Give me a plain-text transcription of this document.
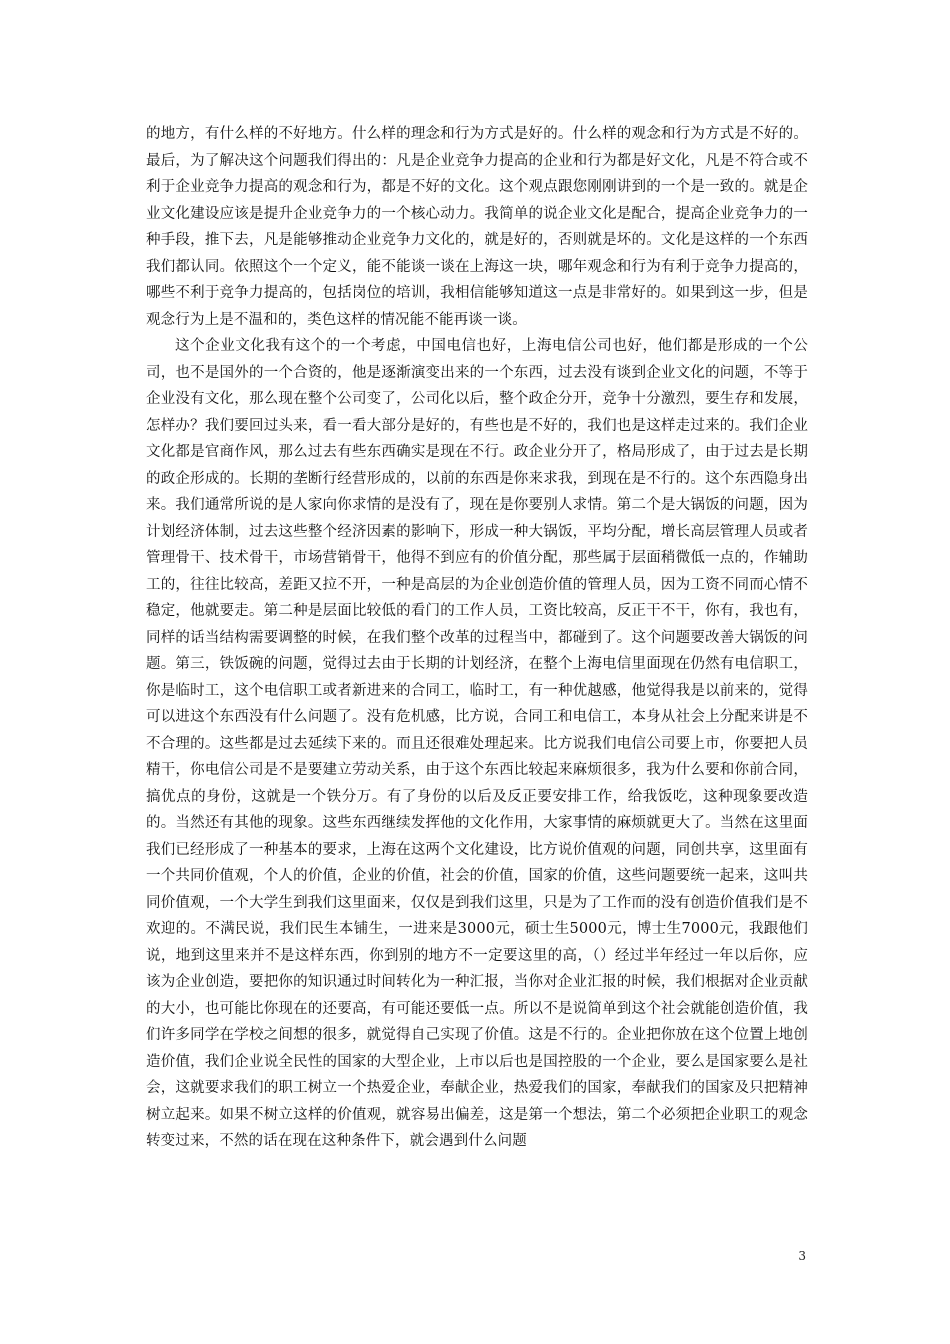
的地方，有什么样的不好地方。什么样的理念和行为方式是好的。什么样的观念和行为方式是不好的。最后，为了解决这个问题我们得出的：凡是企业竞争力提高的企业和行为都是好文化，凡是不符合或不利于企业竞争力提高的观念和行为，都是不好的文化。这个观点跟您刚刚讲到的一个是一致的。就是企业文化建设应该是提升企业竞争力的一个核心动力。我简单的说企业文化是配合，提高企业竞争力的一种手段，推下去，凡是能够推动企业竞争力文化的，就是好的，否则就是坏的。文化是这样的一个东西我们都认同。依照这个一个定义，能不能谈一谈在上海这一块，哪年观念和行为有利于竞争力提高的，哪些不利于竞争力提高的，包括岗位的培训，我相信能够知道这一点是非常好的。如果到这一步，但是观念行为上是不温和的，类色这样的情况能不能再谈一谈。

这个企业文化我有这个的一个考虑，中国电信也好，上海电信公司也好，他们都是形成的一个公司，也不是国外的一个合资的，他是逐渐演变出来的一个东西，过去没有谈到企业文化的问题，不等于企业没有文化，那么现在整个公司变了，公司化以后，整个政企分开，竞争十分激烈，要生存和发展，怎样办？我们要回过头来，看一看大部分是好的，有些也是不好的，我们也是这样走过来的。我们企业文化都是官商作风，那么过去有些东西确实是现在不行。政企业分开了，格局形成了，由于过去是长期的政企形成的。长期的垄断行经营形成的，以前的东西是你来求我，到现在是不行的。这个东西隐身出来。我们通常所说的是人家向你求情的是没有了，现在是你要别人求情。第二个是大锅饭的问题，因为计划经济体制，过去这些整个经济因素的影响下，形成一种大锅饭，平均分配，增长高层管理人员或者管理骨干、技术骨干，市场营销骨干，他得不到应有的价值分配，那些属于层面稍微低一点的，作辅助工的，往往比较高，差距又拉不开，一种是高层的为企业创造价值的管理人员，因为工资不同而心情不稳定，他就要走。第二种是层面比较低的看门的工作人员，工资比较高，反正干不干，你有，我也有，同样的话当结构需要调整的时候，在我们整个改革的过程当中，都碰到了。这个问题要改善大锅饭的问题。第三，铁饭碗的问题，觉得过去由于长期的计划经济，在整个上海电信里面现在仍然有电信职工，你是临时工，这个电信职工或者新进来的合同工，临时工，有一种优越感，他觉得我是以前来的，觉得可以进这个东西没有什么问题了。没有危机感，比方说，合同工和电信工，本身从社会上分配来讲是不不合理的。这些都是过去延续下来的。而且还很难处理起来。比方说我们电信公司要上市，你要把人员精干，你电信公司是不是要建立劳动关系，由于这个东西比较起来麻烦很多，我为什么要和你前合同，搞优点的身份，这就是一个铁分万。有了身份的以后及反正要安排工作，给我饭吃，这种现象要改造的。当然还有其他的现象。这些东西继续发挥他的文化作用，大家事情的麻烦就更大了。当然在这里面我们已经形成了一种基本的要求，上海在这两个文化建设，比方说价值观的问题，同创共享，这里面有一个共同价值观，个人的价值，企业的价值，社会的价值，国家的价值，这些问题要统一起来，这叫共同价值观，一个大学生到我们这里面来，仅仅是到我们这里，只是为了工作而的没有创造价值我们是不欢迎的。不满民说，我们民生本铺生，一进来是3000元，硕士生5000元，博士生7000元，我跟他们说，地到这里来并不是这样东西，你到别的地方不一定要这里的高，（）经过半年经过一年以后你，应该为企业创造，要把你的知识通过时间转化为一种汇报，当你对企业汇报的时候，我们根据对企业贡献的大小，也可能比你现在的还要高，有可能还要低一点。所以不是说简单到这个社会就能创造价值，我们许多同学在学校之间想的很多，就觉得自己实现了价值。这是不行的。企业把你放在这个位置上地创造价值，我们企业说全民性的国家的大型企业，上市以后也是国控股的一个企业，要么是国家要么是社会，这就要求我们的职工树立一个热爱企业，奉献企业，热爱我们的国家，奉献我们的国家及只把精神树立起来。如果不树立这样的价值观，就容易出偏差，这是第一个想法，第二个必须把企业职工的观念转变过来，不然的话在现在这种条件下，就会遇到什么问题

3
